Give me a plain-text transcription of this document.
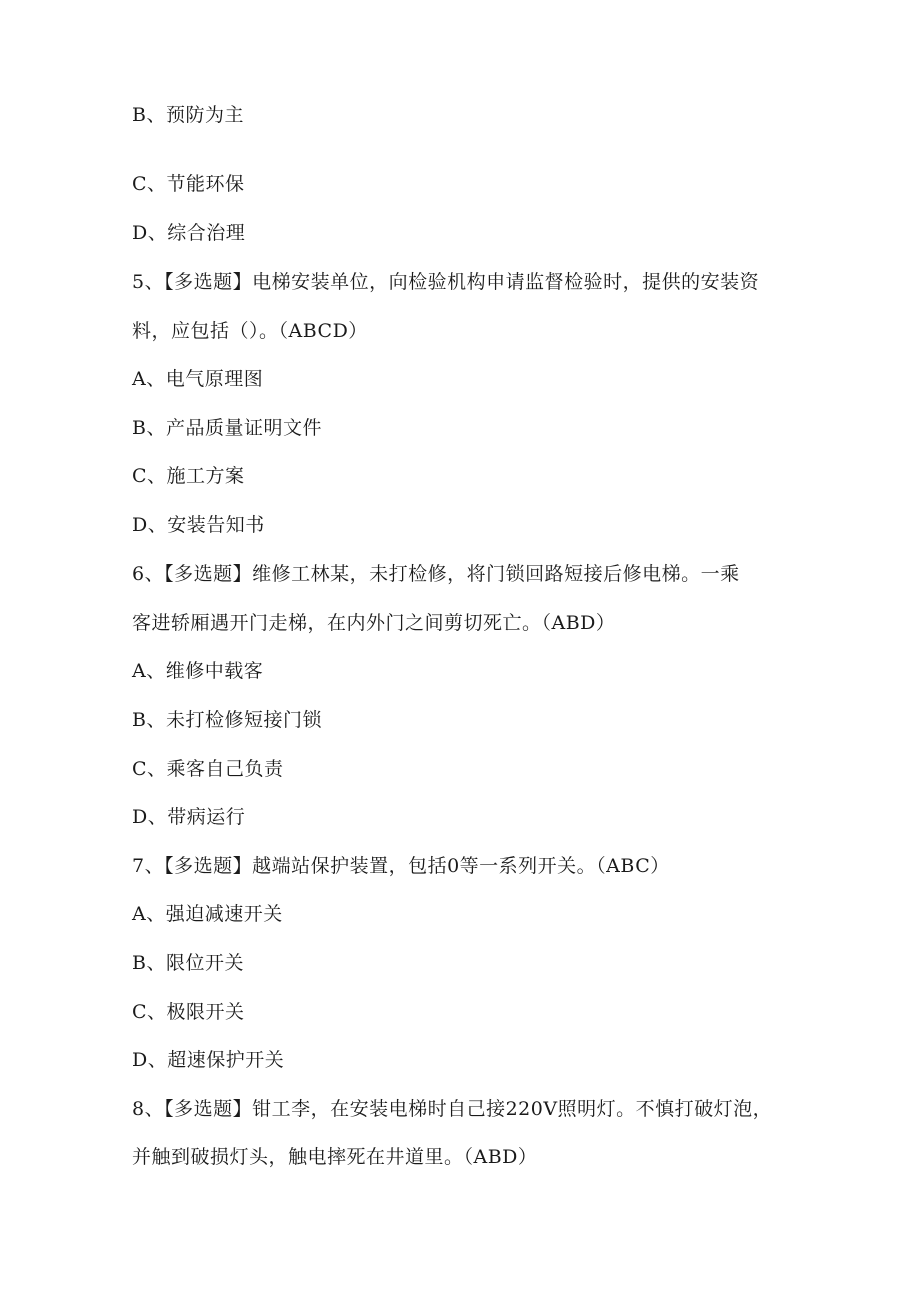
B、预防为主
C、节能环保
D、综合治理
5、【多选题】电梯安装单位，向检验机构申请监督检验时，提供的安装资
料，应包括（）。（ABCD）
A、电气原理图
B、产品质量证明文件
C、施工方案
D、安装告知书
6、【多选题】维修工林某，未打检修，将门锁回路短接后修电梯。一乘
客进轿厢遇开门走梯，在内外门之间剪切死亡。（ABD）
A、维修中载客
B、未打检修短接门锁
C、乘客自己负责
D、带病运行
7、【多选题】越端站保护装置，包括0等一系列开关。（ABC）
A、强迫减速开关
B、限位开关
C、极限开关
D、超速保护开关
8、【多选题】钳工李，在安装电梯时自己接220V照明灯。不慎打破灯泡，
并触到破损灯头，触电摔死在井道里。（ABD）
